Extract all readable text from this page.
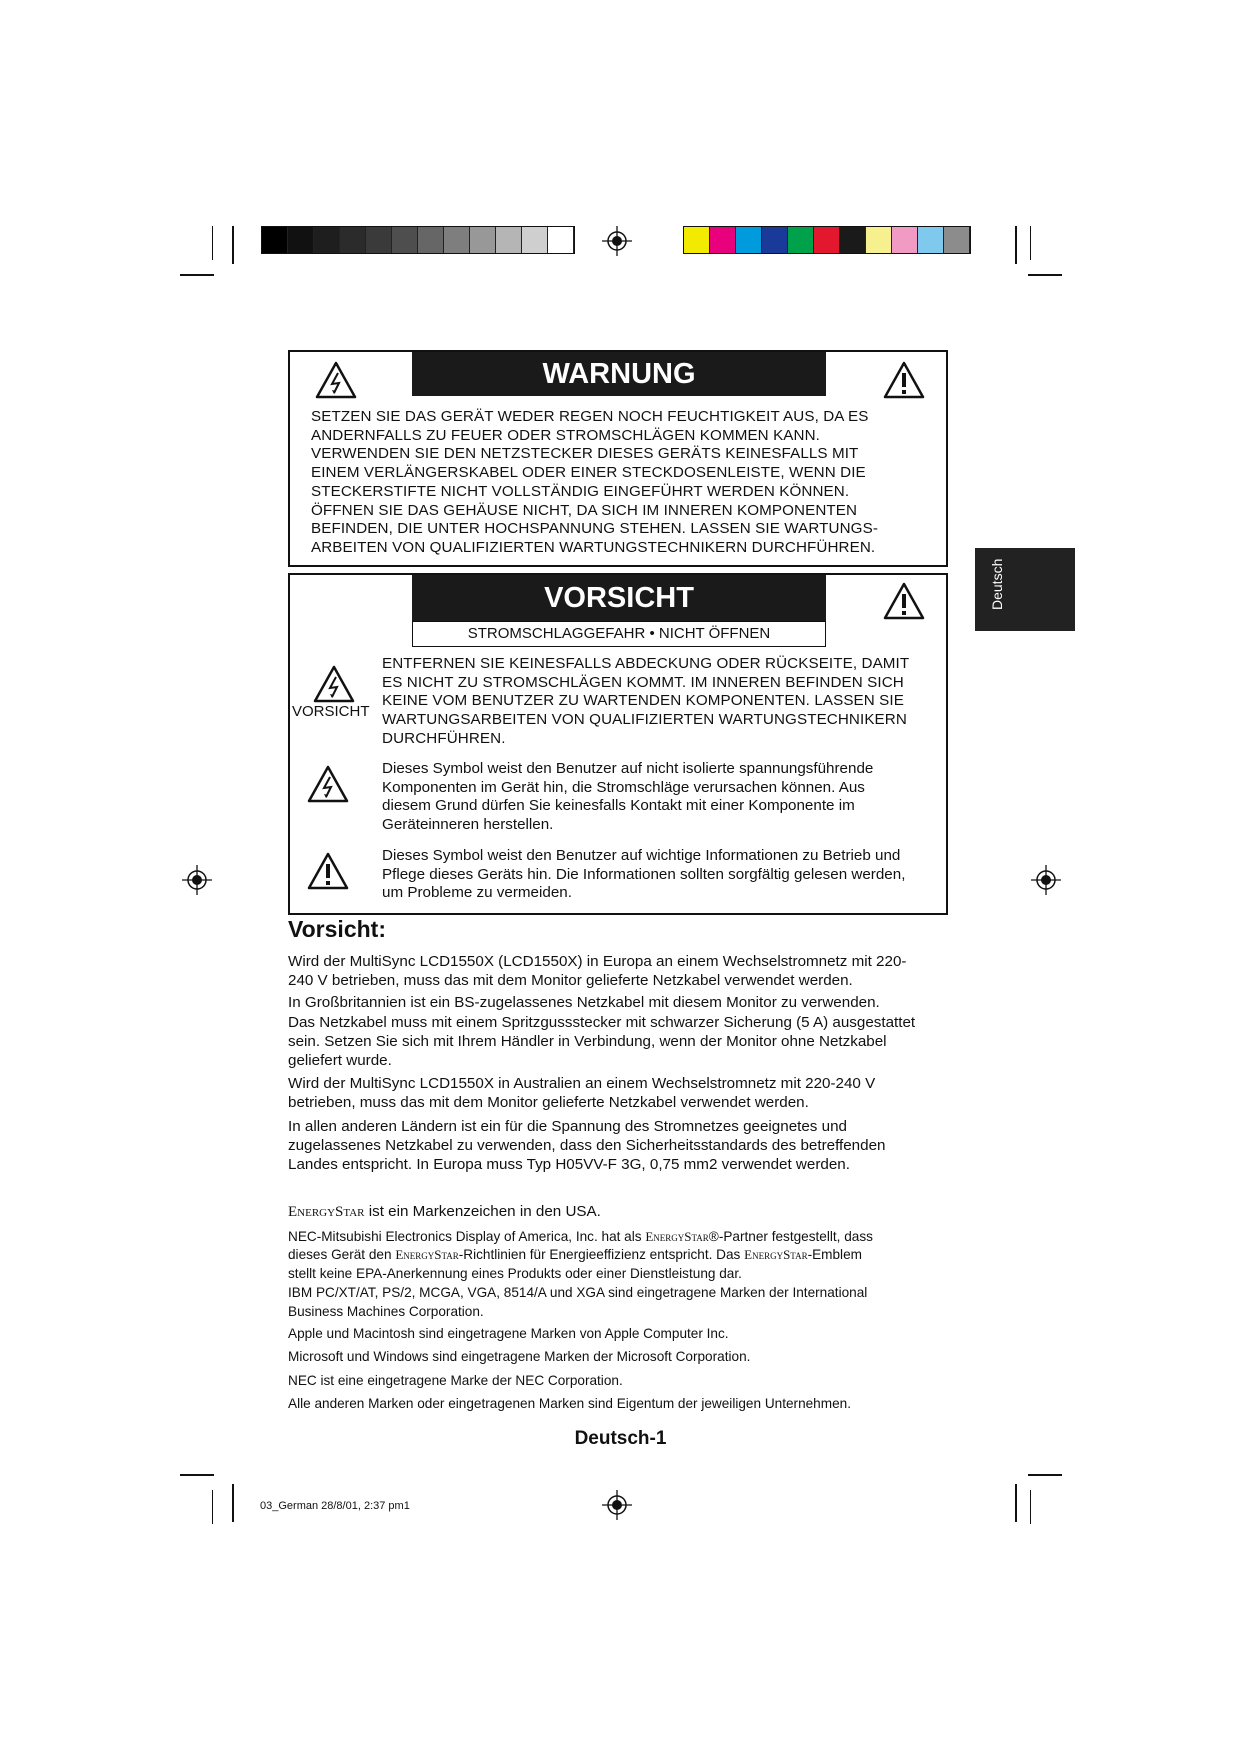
Deutsch
WARNUNG
SETZEN SIE DAS GERÄT WEDER REGEN NOCH FEUCHTIGKEIT AUS, DA ES
ANDERNFALLS ZU FEUER ODER STROMSCHLÄGEN KOMMEN KANN.
VERWENDEN SIE DEN NETZSTECKER DIESES GERÄTS KEINESFALLS MIT
EINEM VERLÄNGERSKABEL ODER EINER STECKDOSENLEISTE, WENN DIE
STECKERSTIFTE NICHT VOLLSTÄNDIG EINGEFÜHRT WERDEN KÖNNEN.
ÖFFNEN SIE DAS GEHÄUSE NICHT, DA SICH IM INNEREN KOMPONENTEN
BEFINDEN, DIE UNTER HOCHSPANNUNG STEHEN. LASSEN SIE WARTUNGS-
ARBEITEN VON QUALIFIZIERTEN WARTUNGSTECHNIKERN DURCHFÜHREN.
VORSICHT
STROMSCHLAGGEFAHR • NICHT ÖFFNEN
VORSICHT
ENTFERNEN SIE KEINESFALLS ABDECKUNG ODER RÜCKSEITE, DAMIT
ES NICHT ZU STROMSCHLÄGEN KOMMT. IM INNEREN BEFINDEN SICH
KEINE VOM BENUTZER ZU WARTENDEN KOMPONENTEN. LASSEN SIE
WARTUNGSARBEITEN VON QUALIFIZIERTEN WARTUNGSTECHNIKERN
DURCHFÜHREN.
Dieses Symbol weist den Benutzer auf nicht isolierte spannungsführende
Komponenten im Gerät hin, die Stromschläge verursachen können. Aus
diesem Grund dürfen Sie keinesfalls Kontakt mit einer Komponente im
Geräteinneren herstellen.
Dieses Symbol weist den Benutzer auf wichtige Informationen zu Betrieb und
Pflege dieses Geräts hin. Die Informationen sollten sorgfältig gelesen werden,
um Probleme zu vermeiden.
Vorsicht:

Wird der MultiSync LCD1550X (LCD1550X) in Europa an einem Wechselstromnetz mit 220-
240 V betrieben, muss das mit dem Monitor gelieferte Netzkabel verwendet werden.

In Großbritannien ist ein BS-zugelassenes Netzkabel mit diesem Monitor zu verwenden.
Das Netzkabel muss mit einem Spritzgussstecker mit schwarzer Sicherung (5 A) ausgestattet
sein. Setzen Sie sich mit Ihrem Händler in Verbindung, wenn der Monitor ohne Netzkabel
geliefert wurde.

Wird der MultiSync LCD1550X in Australien an einem Wechselstromnetz mit 220-240 V
betrieben, muss das mit dem Monitor gelieferte Netzkabel verwendet werden.

In allen anderen Ländern ist ein für die Spannung des Stromnetzes geeignetes und
zugelassenes Netzkabel zu verwenden, dass den Sicherheitsstandards des betreffenden
Landes entspricht. In Europa muss Typ H05VV-F 3G, 0,75 mm2 verwendet werden.

EnergyStar ist ein Markenzeichen in den USA.

NEC-Mitsubishi Electronics Display of America, Inc. hat als EnergyStar®-Partner festgestellt, dass
dieses Gerät den EnergyStar-Richtlinien für Energieeffizienz entspricht. Das EnergyStar-Emblem
stellt keine EPA-Anerkennung eines Produkts oder einer Dienstleistung dar.

IBM PC/XT/AT, PS/2, MCGA, VGA, 8514/A und XGA sind eingetragene Marken der International
Business Machines Corporation.

Apple und Macintosh sind eingetragene Marken von Apple Computer Inc.

Microsoft und Windows sind eingetragene Marken der Microsoft Corporation.

NEC ist eine eingetragene Marke der NEC Corporation.

Alle anderen Marken oder eingetragenen Marken sind Eigentum der jeweiligen Unternehmen.

Deutsch-1
03_German 28/8/01, 2:37 pm1
